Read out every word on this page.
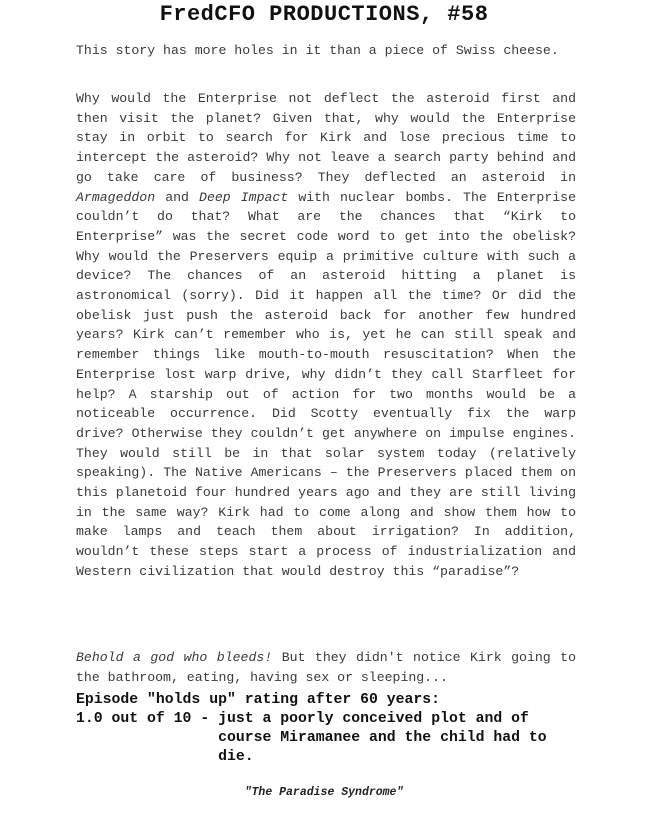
FredCFO PRODUCTIONS, #58
This story has more holes in it than a piece of Swiss cheese.
Why would the Enterprise not deflect the asteroid first and then visit the planet? Given that, why would the Enterprise stay in orbit to search for Kirk and lose precious time to intercept the asteroid? Why not leave a search party behind and go take care of business? They deflected an asteroid in Armageddon and Deep Impact with nuclear bombs. The Enterprise couldn’t do that? What are the chances that “Kirk to Enterprise” was the secret code word to get into the obelisk? Why would the Preservers equip a primitive culture with such a device? The chances of an asteroid hitting a planet is astronomical (sorry). Did it happen all the time? Or did the obelisk just push the asteroid back for another few hundred years? Kirk can’t remember who is, yet he can still speak and remember things like mouth-to-mouth resuscitation? When the Enterprise lost warp drive, why didn’t they call Starfleet for help? A starship out of action for two months would be a noticeable occurrence. Did Scotty eventually fix the warp drive? Otherwise they couldn’t get anywhere on impulse engines. They would still be in that solar system today (relatively speaking). The Native Americans – the Preservers placed them on this planetoid four hundred years ago and they are still living in the same way? Kirk had to come along and show them how to make lamps and teach them about irrigation? In addition, wouldn’t these steps start a process of industrialization and Western civilization that would destroy this “paradise”?
Behold a god who bleeds! But they didn't notice Kirk going to the bathroom, eating, having sex or sleeping...
Episode "holds up" rating after 60 years:
1.0 out of 10 - just a poorly conceived plot and of course Miramanee and the child had to die.
"The Paradise Syndrome"
